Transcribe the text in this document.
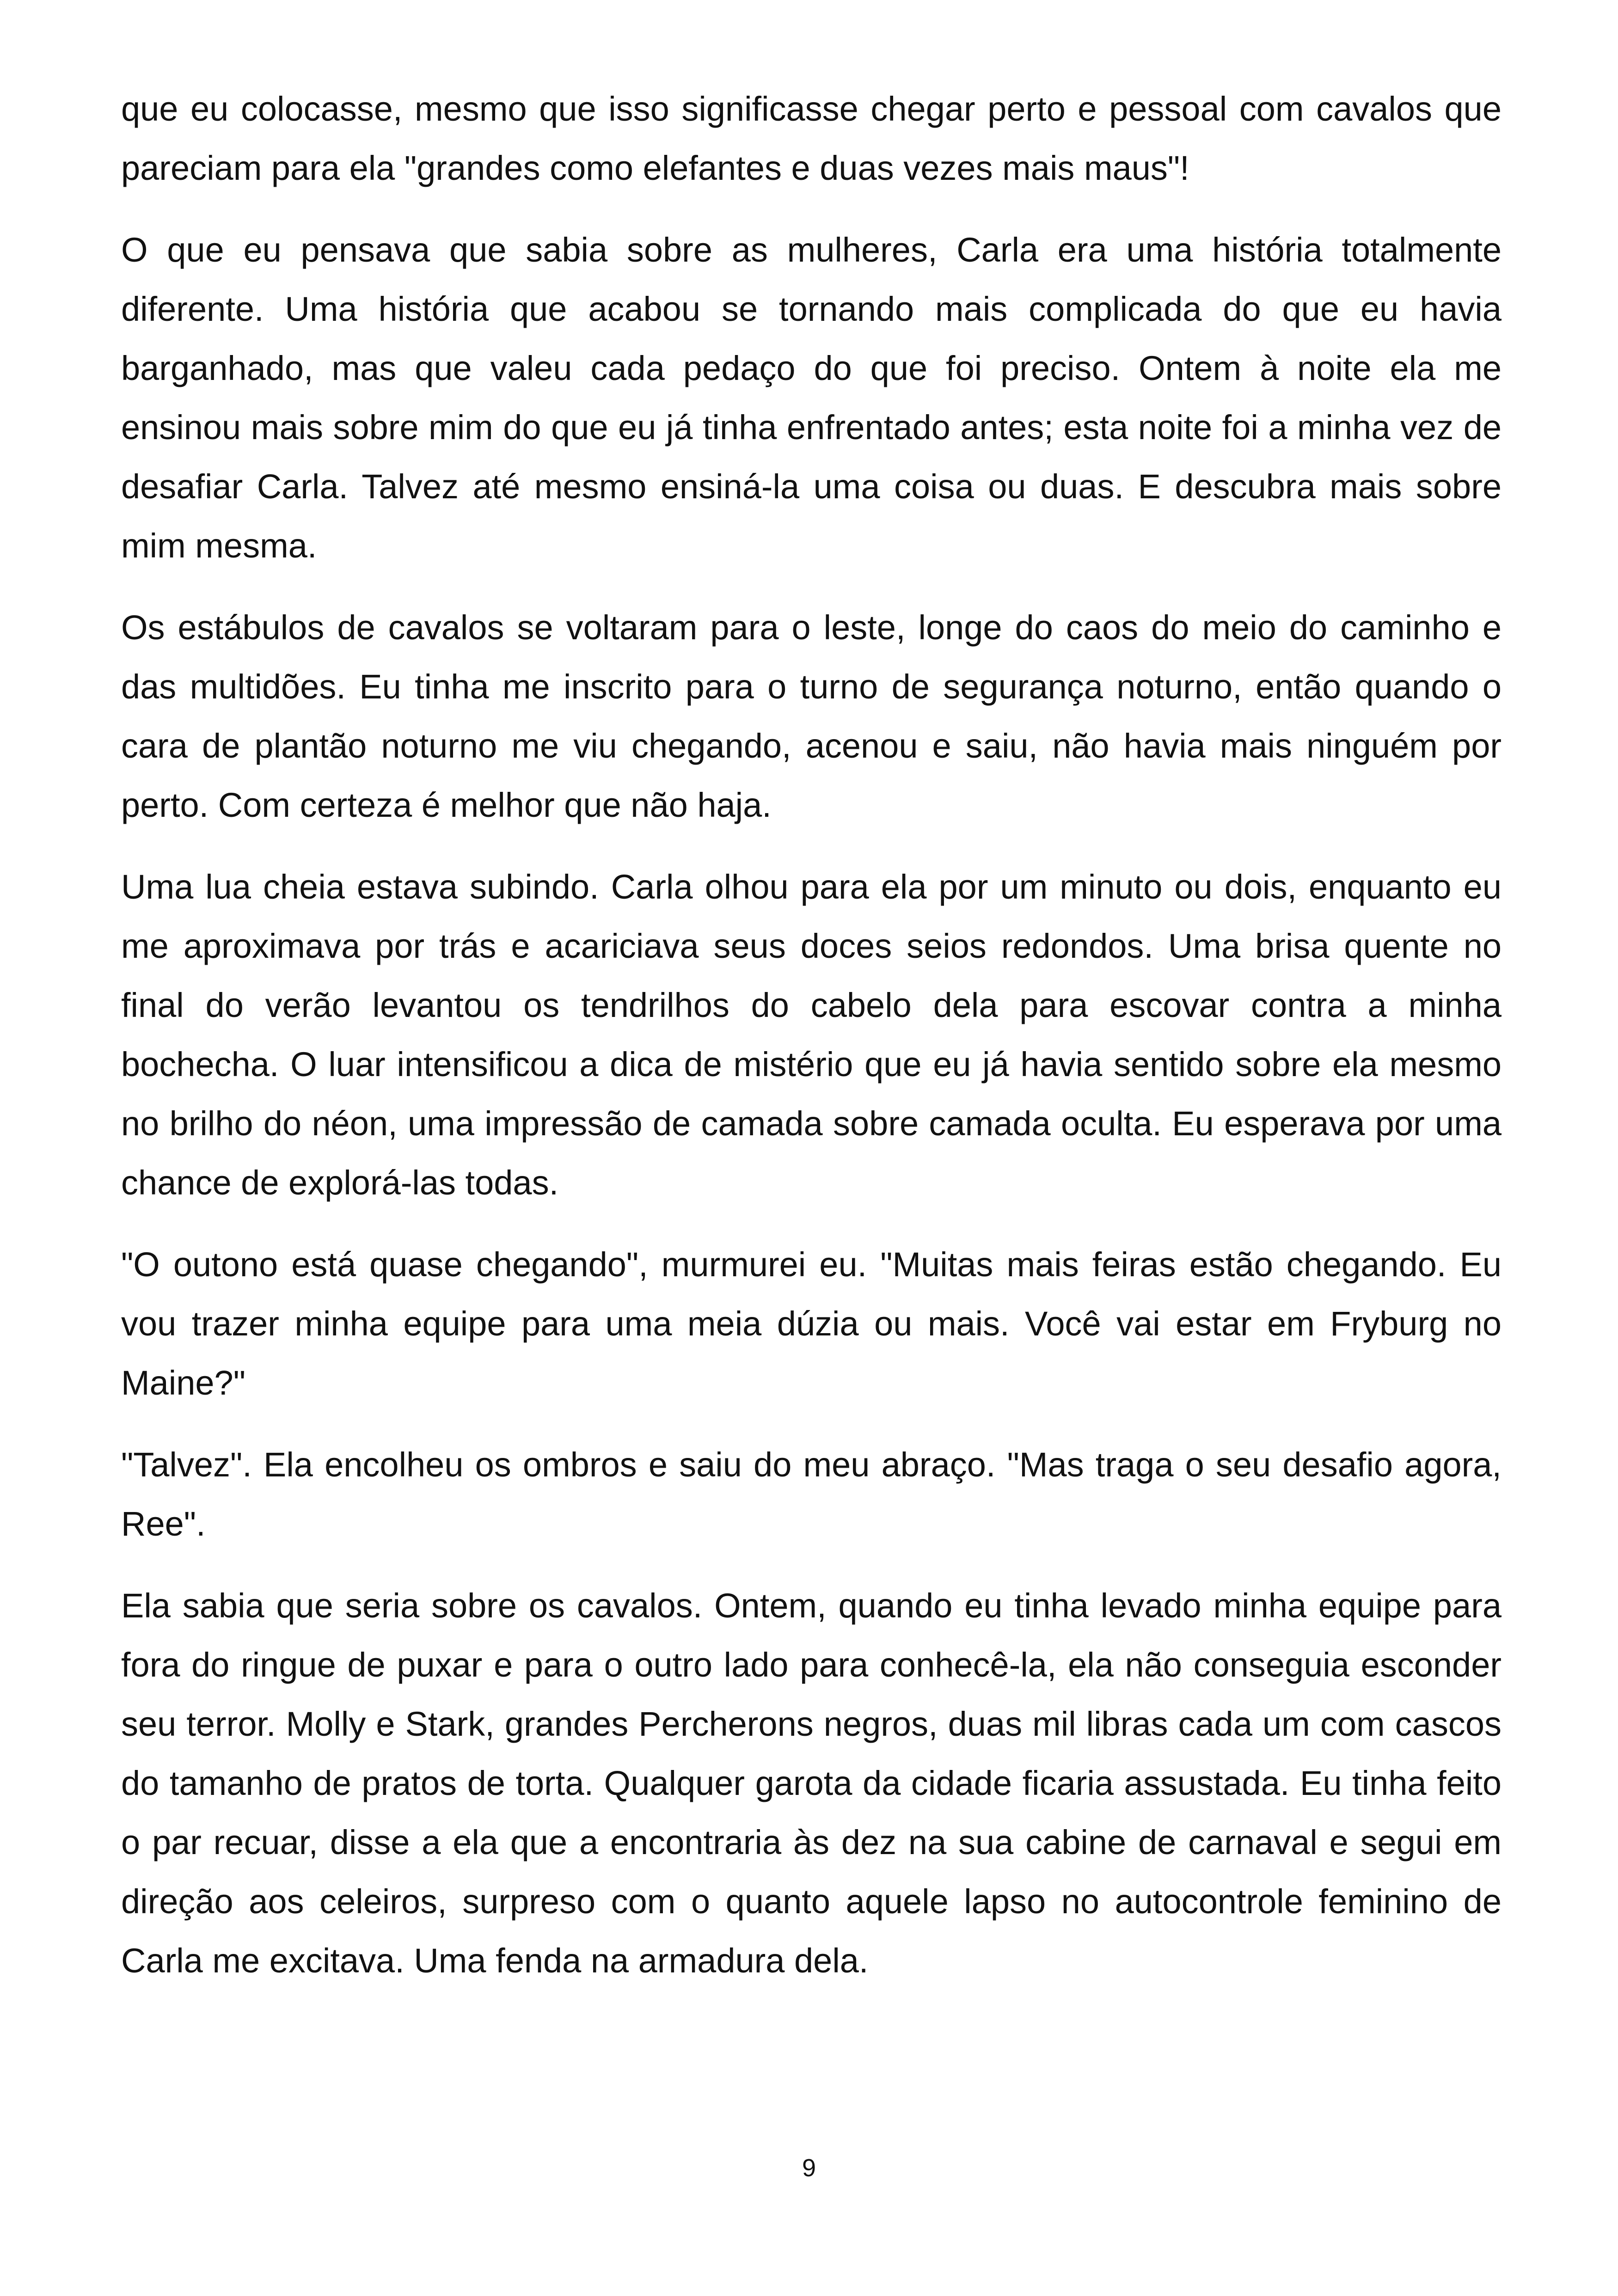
que eu colocasse, mesmo que isso significasse chegar perto e pessoal com cavalos que pareciam para ela "grandes como elefantes e duas vezes mais maus"!

O que eu pensava que sabia sobre as mulheres, Carla era uma história totalmente diferente. Uma história que acabou se tornando mais complicada do que eu havia barganhado, mas que valeu cada pedaço do que foi preciso. Ontem à noite ela me ensinou mais sobre mim do que eu já tinha enfrentado antes; esta noite foi a minha vez de desafiar Carla. Talvez até mesmo ensiná-la uma coisa ou duas. E descubra mais sobre mim mesma.

Os estábulos de cavalos se voltaram para o leste, longe do caos do meio do caminho e das multidões. Eu tinha me inscrito para o turno de segurança noturno, então quando o cara de plantão noturno me viu chegando, acenou e saiu, não havia mais ninguém por perto. Com certeza é melhor que não haja.

Uma lua cheia estava subindo. Carla olhou para ela por um minuto ou dois, enquanto eu me aproximava por trás e acariciava seus doces seios redondos. Uma brisa quente no final do verão levantou os tendrilhos do cabelo dela para escovar contra a minha bochecha. O luar intensificou a dica de mistério que eu já havia sentido sobre ela mesmo no brilho do néon, uma impressão de camada sobre camada oculta. Eu esperava por uma chance de explorá-las todas.

"O outono está quase chegando", murmurei eu. "Muitas mais feiras estão chegando. Eu vou trazer minha equipe para uma meia dúzia ou mais. Você vai estar em Fryburg no Maine?"

"Talvez". Ela encolheu os ombros e saiu do meu abraço. "Mas traga o seu desafio agora, Ree".

Ela sabia que seria sobre os cavalos. Ontem, quando eu tinha levado minha equipe para fora do ringue de puxar e para o outro lado para conhecê-la, ela não conseguia esconder seu terror. Molly e Stark, grandes Percherons negros, duas mil libras cada um com cascos do tamanho de pratos de torta. Qualquer garota da cidade ficaria assustada. Eu tinha feito o par recuar, disse a ela que a encontraria às dez na sua cabine de carnaval e segui em direção aos celeiros, surpreso com o quanto aquele lapso no autocontrole feminino de Carla me excitava. Uma fenda na armadura dela.

9
